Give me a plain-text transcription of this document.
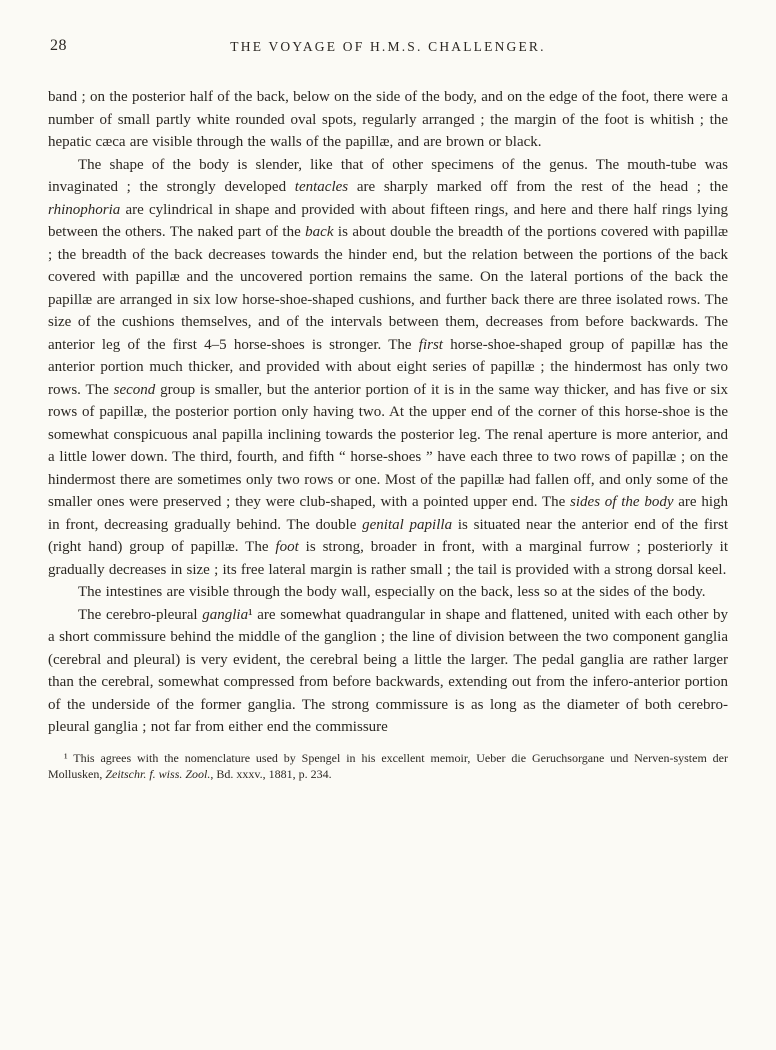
28	THE VOYAGE OF H.M.S. CHALLENGER.

band ; on the posterior half of the back, below on the side of the body, and on the edge of the foot, there were a number of small partly white rounded oval spots, regularly arranged ; the margin of the foot is whitish ; the hepatic cæca are visible through the walls of the papillæ, and are brown or black.

The shape of the body is slender, like that of other specimens of the genus. The mouth-tube was invaginated ; the strongly developed tentacles are sharply marked off from the rest of the head ; the rhinophoria are cylindrical in shape and provided with about fifteen rings, and here and there half rings lying between the others. The naked part of the back is about double the breadth of the portions covered with papillæ ; the breadth of the back decreases towards the hinder end, but the relation between the portions of the back covered with papillæ and the uncovered portion remains the same. On the lateral portions of the back the papillæ are arranged in six low horse-shoe-shaped cushions, and further back there are three isolated rows. The size of the cushions themselves, and of the intervals between them, decreases from before backwards. The anterior leg of the first 4–5 horse-shoes is stronger. The first horse-shoe-shaped group of papillæ has the anterior portion much thicker, and provided with about eight series of papillæ ; the hindermost has only two rows. The second group is smaller, but the anterior portion of it is in the same way thicker, and has five or six rows of papillæ, the posterior portion only having two. At the upper end of the corner of this horse-shoe is the somewhat conspicuous anal papilla inclining towards the posterior leg. The renal aperture is more anterior, and a little lower down. The third, fourth, and fifth “ horse-shoes ” have each three to two rows of papillæ ; on the hindermost there are sometimes only two rows or one. Most of the papillæ had fallen off, and only some of the smaller ones were preserved ; they were club-shaped, with a pointed upper end. The sides of the body are high in front, decreasing gradually behind. The double genital papilla is situated near the anterior end of the first (right hand) group of papillæ. The foot is strong, broader in front, with a marginal furrow ; posteriorly it gradually decreases in size ; its free lateral margin is rather small ; the tail is provided with a strong dorsal keel.

The intestines are visible through the body wall, especially on the back, less so at the sides of the body.

The cerebro-pleural ganglia¹ are somewhat quadrangular in shape and flattened, united with each other by a short commissure behind the middle of the ganglion ; the line of division between the two component ganglia (cerebral and pleural) is very evident, the cerebral being a little the larger. The pedal ganglia are rather larger than the cerebral, somewhat compressed from before backwards, extending out from the infero-anterior portion of the underside of the former ganglia. The strong commissure is as long as the diameter of both cerebro-pleural ganglia ; not far from either end the commissure

¹ This agrees with the nomenclature used by Spengel in his excellent memoir, Ueber die Geruchsorgane und Nerven-system der Mollusken, Zeitschr. f. wiss. Zool., Bd. xxxv., 1881, p. 234.
